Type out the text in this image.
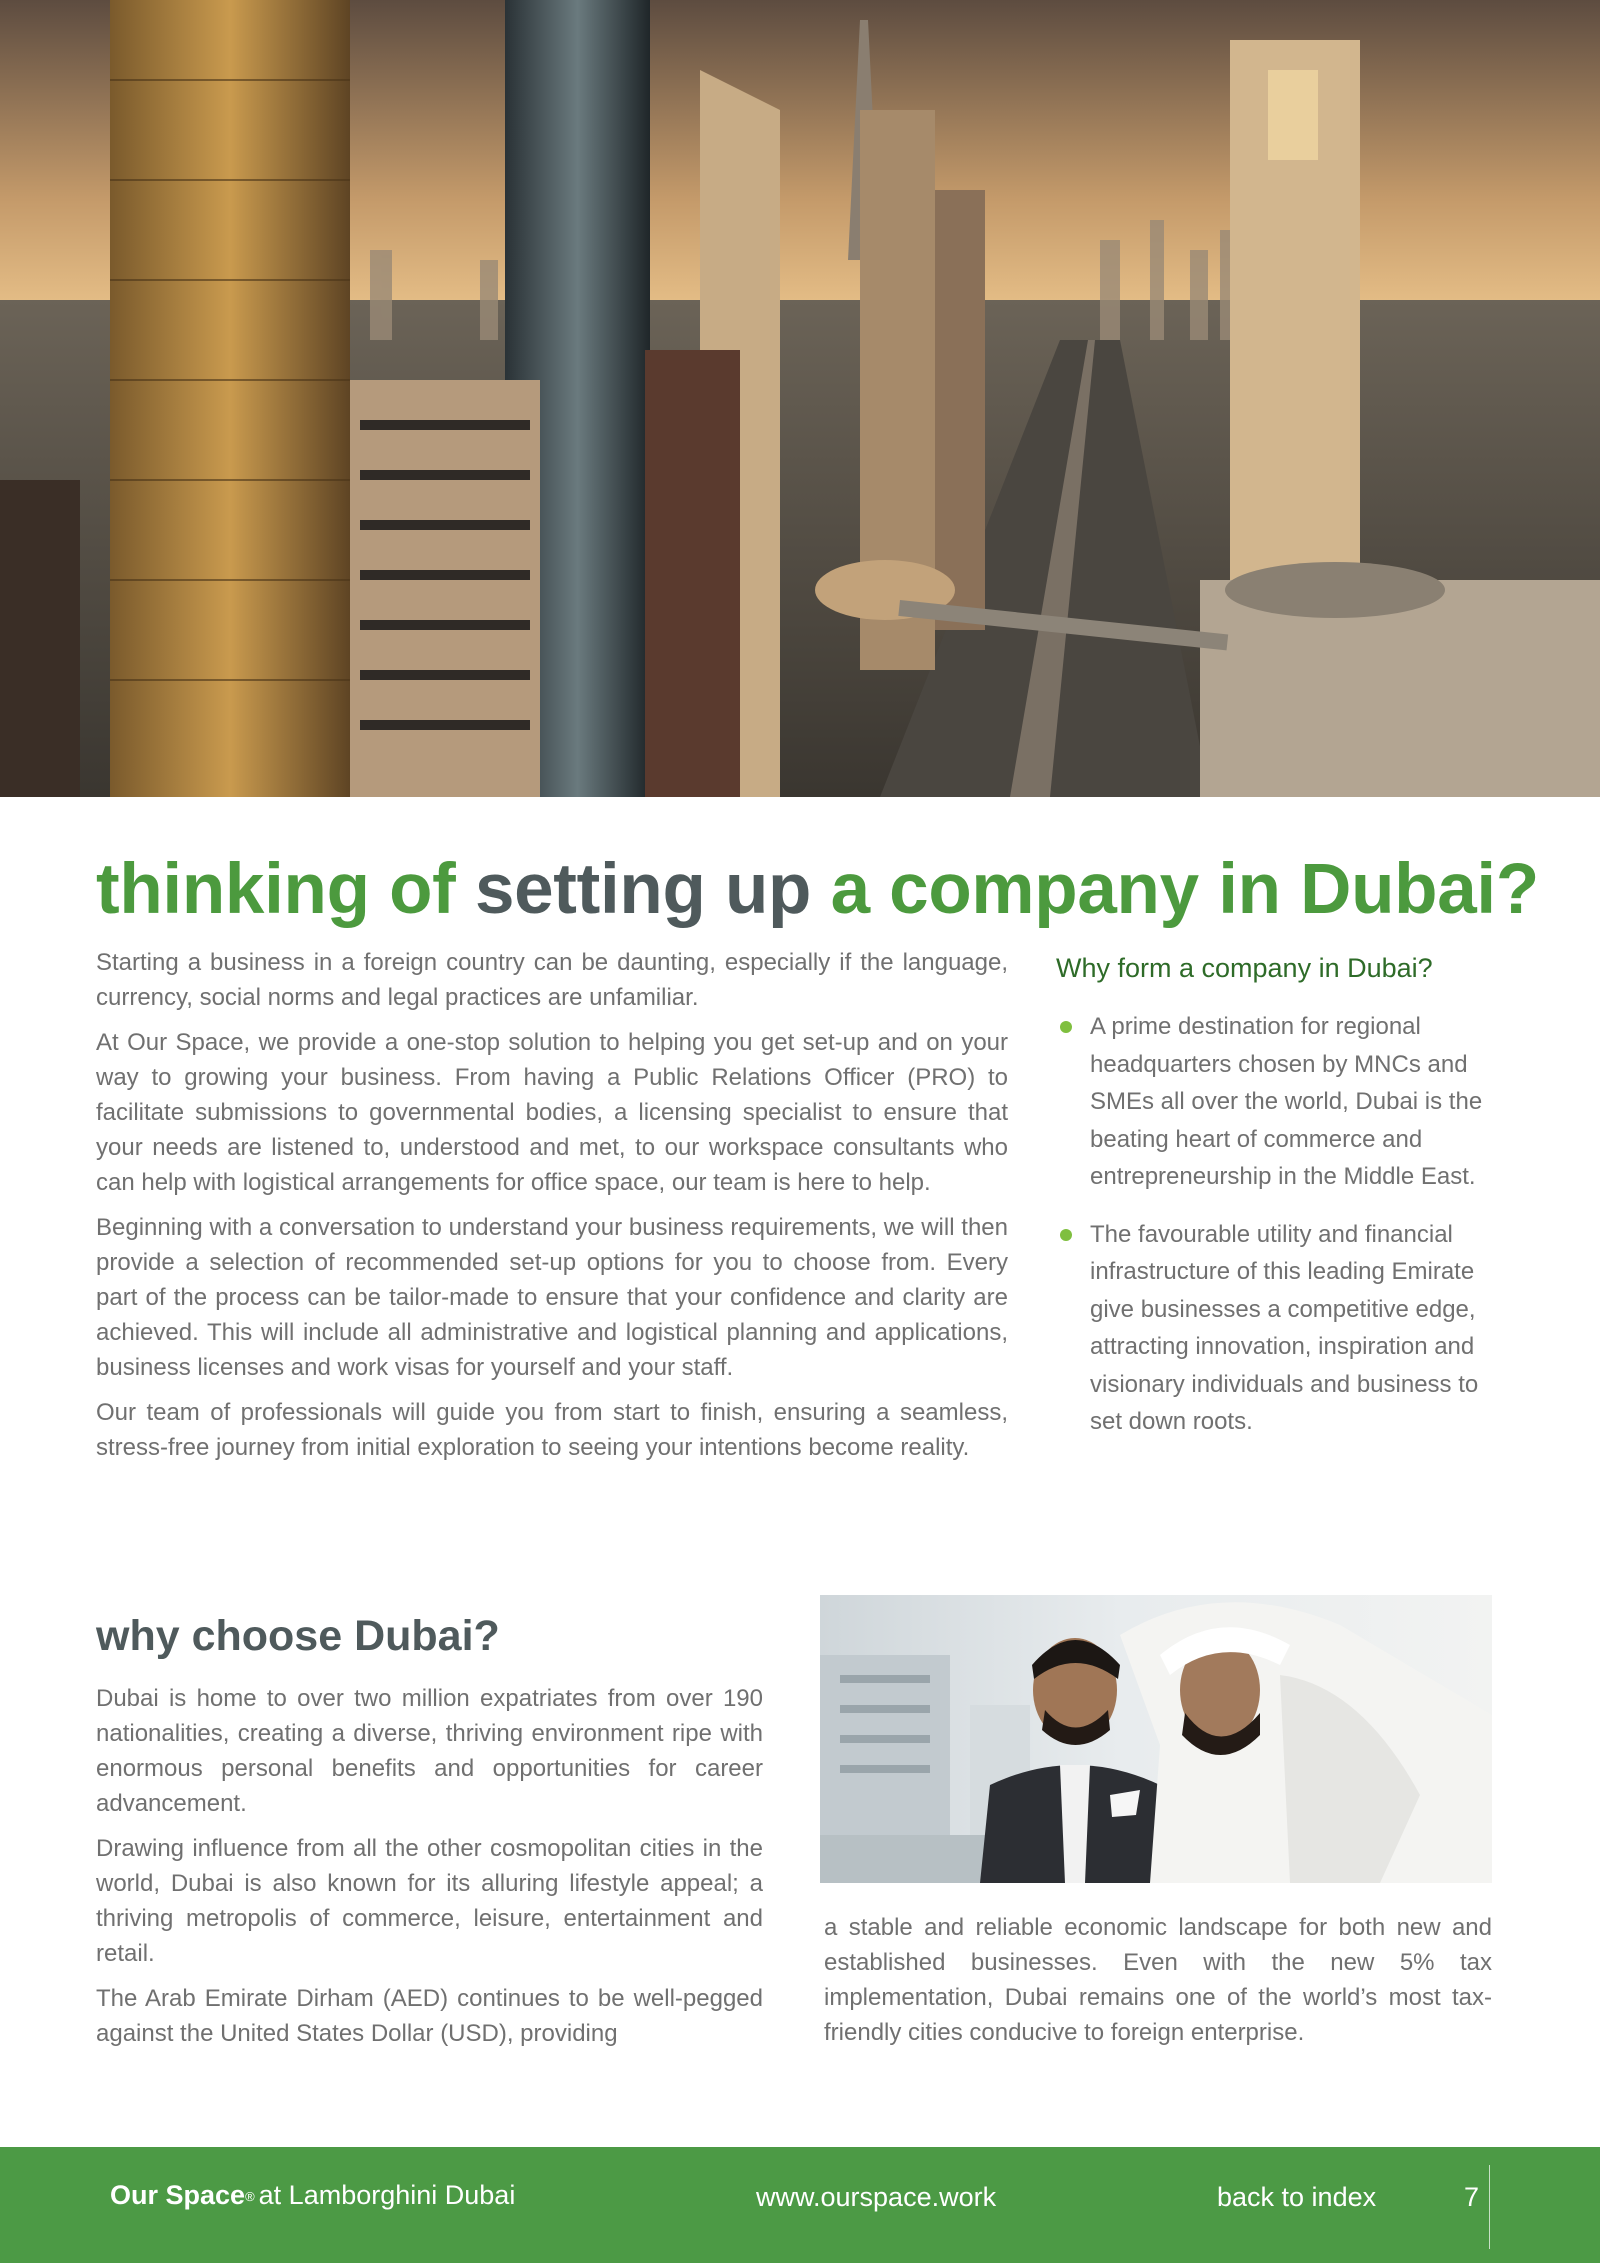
thinking of setting up a company in Dubai?

Starting a business in a foreign country can be daunting, especially if the language, currency, social norms and legal practices are unfamiliar.

At Our Space, we provide a one-stop solution to helping you get set-up and on your way to growing your business. From having a Public Relations Officer (PRO) to facilitate submissions to governmental bodies, a licensing specialist to ensure that your needs are listened to, understood and met, to our workspace consultants who can help with logistical arrangements for office space, our team is here to help.

Beginning with a conversation to understand your business requirements, we will then provide a selection of recommended set-up options for you to choose from. Every part of the process can be tailor-made to ensure that your confidence and clarity are achieved. This will include all administrative and logistical planning and applications, business licenses and work visas for yourself and your staff.

Our team of professionals will guide you from start to finish, ensuring a seamless, stress-free journey from initial exploration to seeing your intentions become reality.

Why form a company in Dubai?
A prime destination for regional headquarters chosen by MNCs and SMEs all over the world, Dubai is the beating heart of commerce and entrepreneurship in the Middle East.
The favourable utility and financial infrastructure of this leading Emirate give businesses a competitive edge, attracting innovation, inspiration and visionary individuals and business to set down roots.
why choose Dubai?

Dubai is home to over two million expatriates from over 190 nationalities, creating a diverse, thriving environment ripe with enormous personal benefits and opportunities for career advancement.

Drawing influence from all the other cosmopolitan cities in the world, Dubai is also known for its alluring lifestyle appeal; a thriving metropolis of commerce, leisure, entertainment and retail.

The Arab Emirate Dirham (AED) continues to be well-pegged against the United States Dollar (USD), providing

a stable and reliable economic landscape for both new and established businesses. Even with the new 5% tax implementation, Dubai remains one of the world’s most tax-friendly cities conducive to foreign enterprise.

Our Space® at Lamborghini Dubai	www.ourspace.work	back to index	7
